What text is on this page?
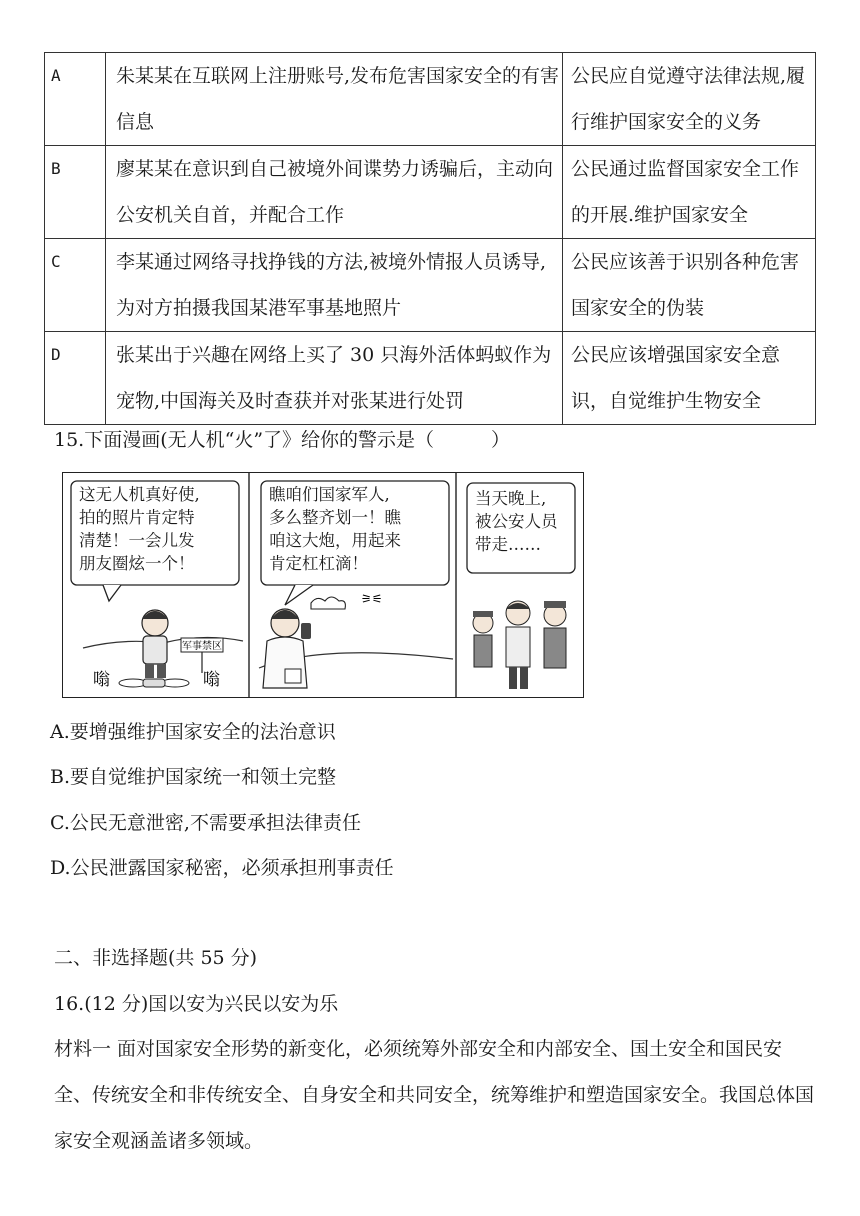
A	朱某某在互联网上注册账号,发布危害国家安全的有害信息	公民应自觉遵守法律法规,履行维护国家安全的义务

B	廖某某在意识到自己被境外间谍势力诱骗后，主动向公安机关自首，并配合工作	公民通过监督国家安全工作的开展.维护国家安全

C	李某通过网络寻找挣钱的方法,被境外情报人员诱导,为对方拍摄我国某港军事基地照片	公民应该善于识别各种危害国家安全的伪装

D	张某出于兴趣在网络上买了 30 只海外活体蚂蚁作为宠物,中国海关及时查获并对张某进行处罚	公民应该增强国家安全意识，自觉维护生物安全
15.下面漫画(无人机“火”了》给你的警示是（　　　）
军事禁区
嗡	嗡
⚞⚟
这无人机真好使,
拍的照片肯定特
清楚！一会儿发
朋友圈炫一个！
瞧咱们国家军人,
多么整齐划一！瞧
咱这大炮，用起来
肯定杠杠滴！
当天晚上,
被公安人员
带走……
A.要增强维护国家安全的法治意识
B.要自觉维护国家统一和领土完整
C.公民无意泄密,不需要承担法律责任
D.公民泄露国家秘密，必须承担刑事责任
二、非选择题(共 55 分)
16.(12 分)国以安为兴民以安为乐
材料一 面对国家安全形势的新变化，必须统筹外部安全和内部安全、国土安全和国民安全、传统安全和非传统安全、自身安全和共同安全，统筹维护和塑造国家安全。我国总体国家安全观涵盖诸多领域。
